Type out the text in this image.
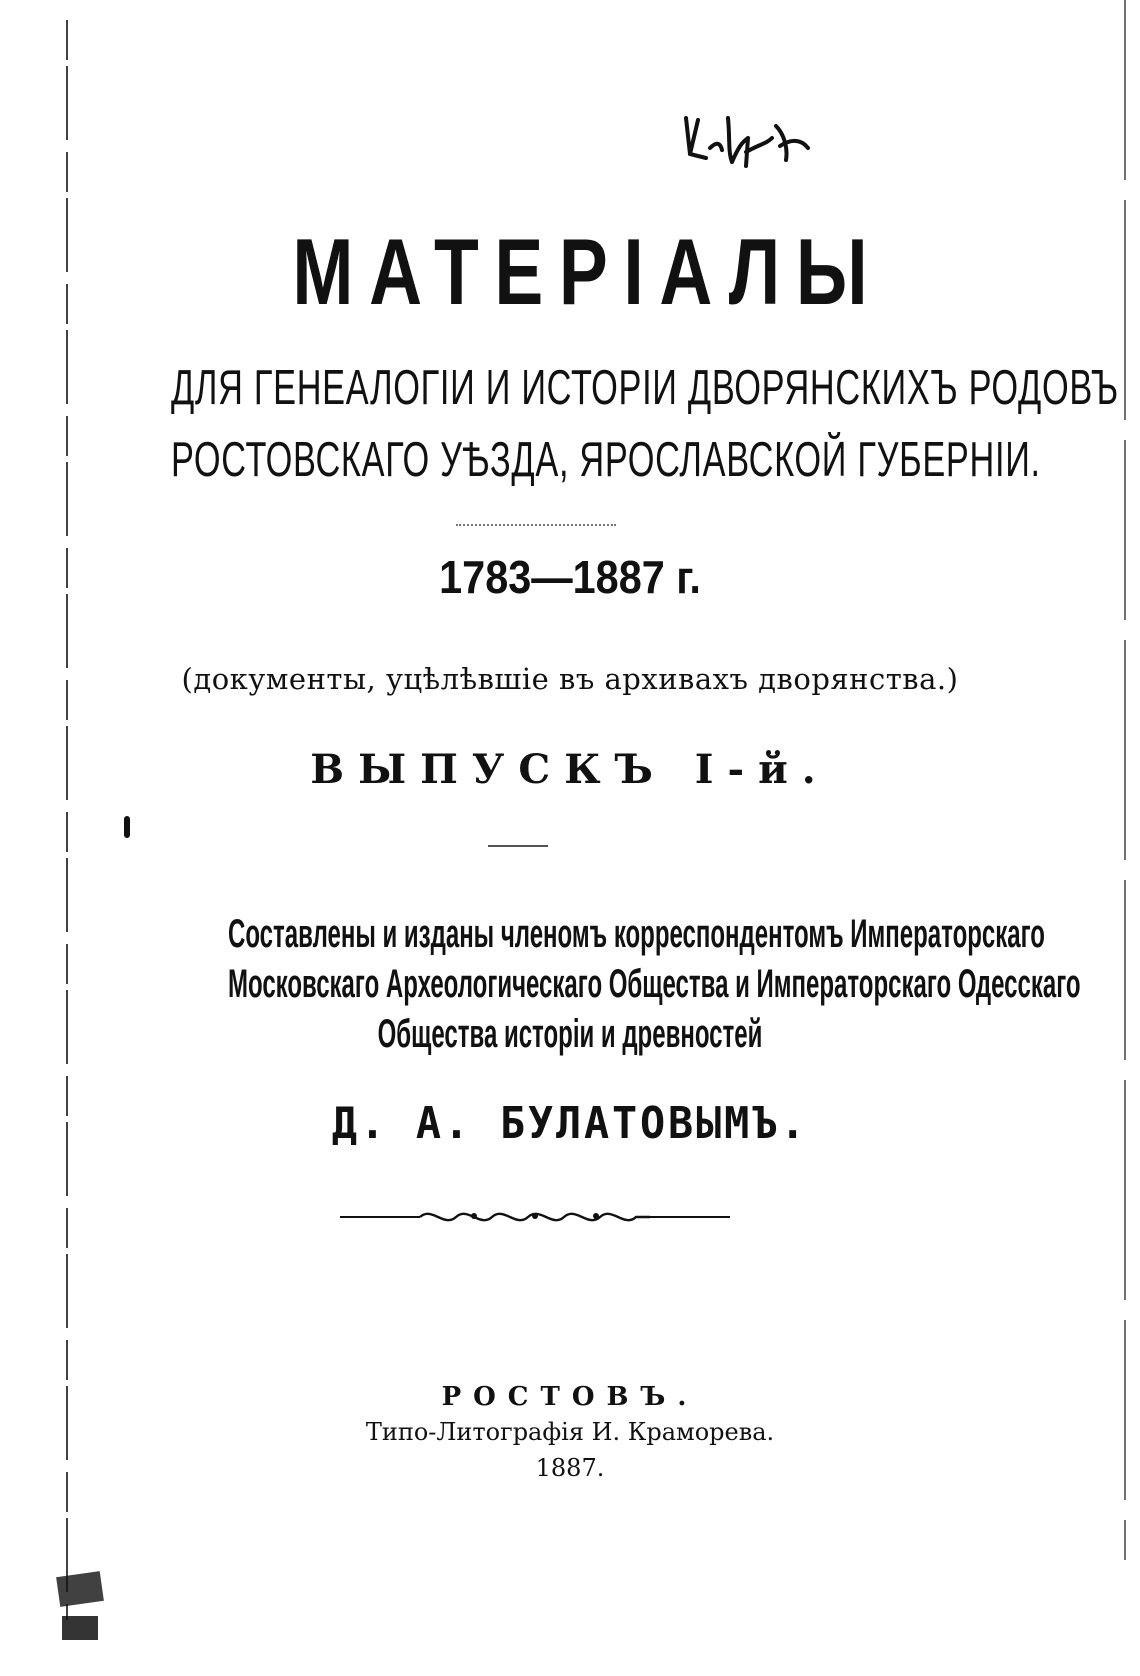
МАТЕРIАЛЫ
ДЛЯ ГЕНЕАЛОГIИ И ИСТОРIИ ДВОРЯНСКИХЪ РОДОВЪ
РОСТОВСКАГО УѢЗДА, ЯРОСЛАВСКОЙ ГУБЕРНIИ.
1783—1887 г.
(документы, уцѣлѣвшiе въ архивахъ дворянства.)
ВЫПУСКЪ I-й.
Составлены и изданы членомъ корреспондентомъ Императорскаго
Московскаго Археологическаго Общества и Императорскаго Одесскаго
Общества исторiи и древностей
Д. А. БУЛАТОВЫМЪ.
РОСТОВЪ.
Типо-Литографiя И. Краморева.
1887.
